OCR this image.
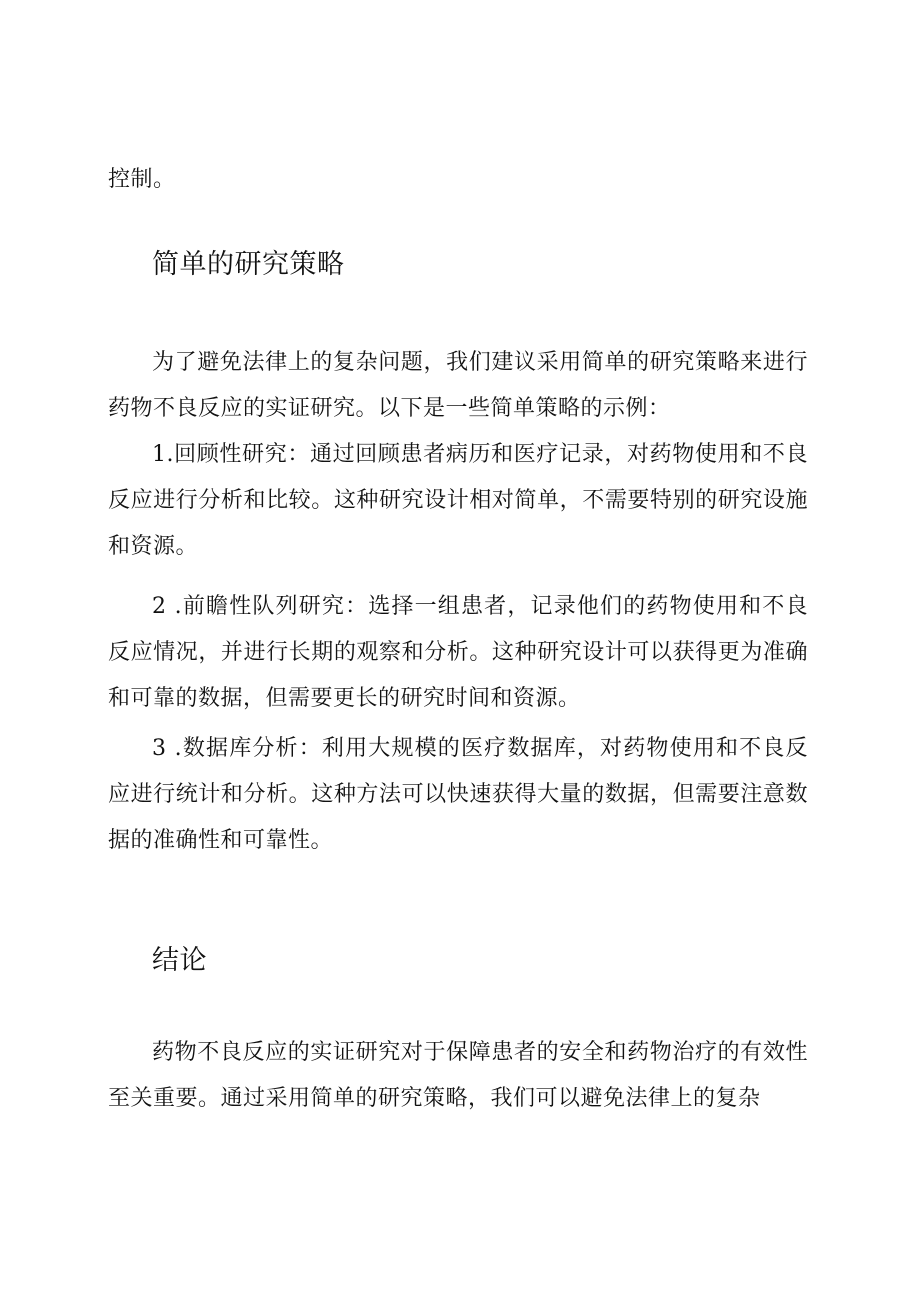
控制。

简单的研究策略

为了避免法律上的复杂问题，我们建议采用简单的研究策略来进行药物不良反应的实证研究。以下是一些简单策略的示例：

1.回顾性研究：通过回顾患者病历和医疗记录，对药物使用和不良反应进行分析和比较。这种研究设计相对简单，不需要特别的研究设施和资源。

2 .前瞻性队列研究：选择一组患者，记录他们的药物使用和不良反应情况，并进行长期的观察和分析。这种研究设计可以获得更为准确和可靠的数据，但需要更长的研究时间和资源。

3 .数据库分析：利用大规模的医疗数据库，对药物使用和不良反应进行统计和分析。这种方法可以快速获得大量的数据，但需要注意数据的准确性和可靠性。

结论

药物不良反应的实证研究对于保障患者的安全和药物治疗的有效性至关重要。通过采用简单的研究策略，我们可以避免法律上的复杂
